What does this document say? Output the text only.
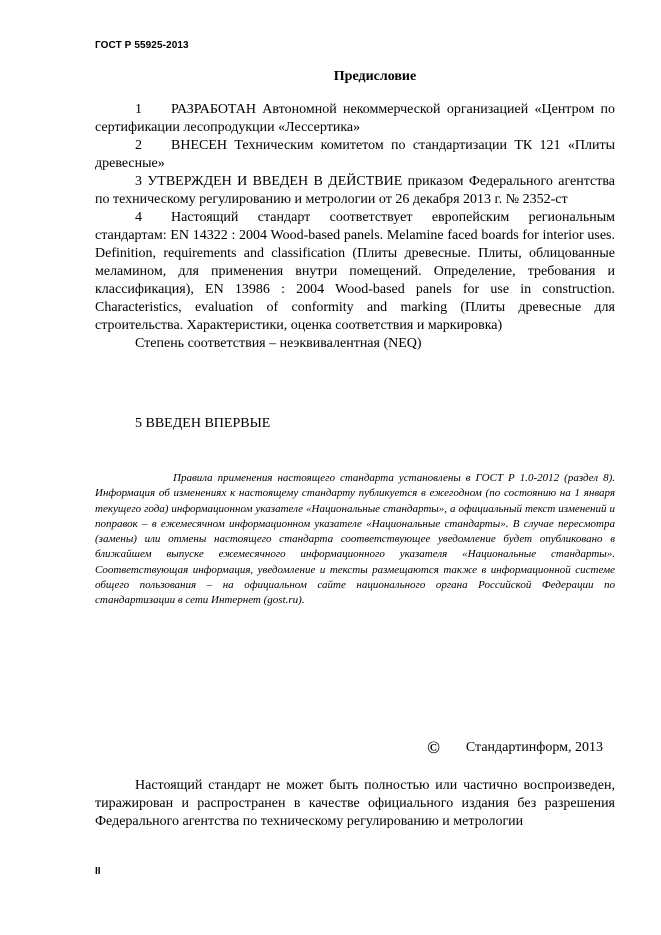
ГОСТ Р 55925-2013
Предисловие

1 РАЗРАБОТАН Автономной некоммерческой организацией «Центром по сертификации лесопродукции «Лессертика»

2 ВНЕСЕН Техническим комитетом по стандартизации ТК 121 «Плиты древесные»

3 УТВЕРЖДЕН И ВВЕДЕН В ДЕЙСТВИЕ приказом Федерального агентства по техническому регулированию и метрологии от 26 декабря 2013 г. № 2352-ст

4 Настоящий стандарт соответствует европейским региональным стандартам: EN 14322 : 2004 Wood-based panels. Melamine faced boards for interior uses. Definition, requirements and classification (Плиты древесные. Плиты, облицованные меламином, для применения внутри помещений. Определение, требования и классификация), EN 13986 : 2004 Wood-based panels for use in construction. Characteristics, evaluation of conformity and marking (Плиты древесные для строительства. Характеристики, оценка соответствия и маркировка)

Степень соответствия – неэквивалентная (NEQ)

5 ВВЕДЕН ВПЕРВЫЕ

Правила применения настоящего стандарта установлены в ГОСТ Р 1.0-2012 (раздел 8). Информация об изменениях к настоящему стандарту публикуется в ежегодном (по состоянию на 1 января текущего года) информационном указателе «Национальные стандарты», а официальный текст изменений и поправок – в ежемесячном информационном указателе «Национальные стандарты». В случае пересмотра (замены) или отмены настоящего стандарта соответствующее уведомление будет опубликовано в ближайшем выпуске ежемесячного информационного указателя «Национальные стандарты». Соответствующая информация, уведомление и тексты размещаются также в информационной системе общего пользования – на официальном сайте национального органа Российской Федерации по стандартизации в сети Интернет (gost.ru).

© Стандартинформ, 2013

Настоящий стандарт не может быть полностью или частично воспроизведен, тиражирован и распространен в качестве официального издания без разрешения Федерального агентства по техническому регулированию и метрологии

II
